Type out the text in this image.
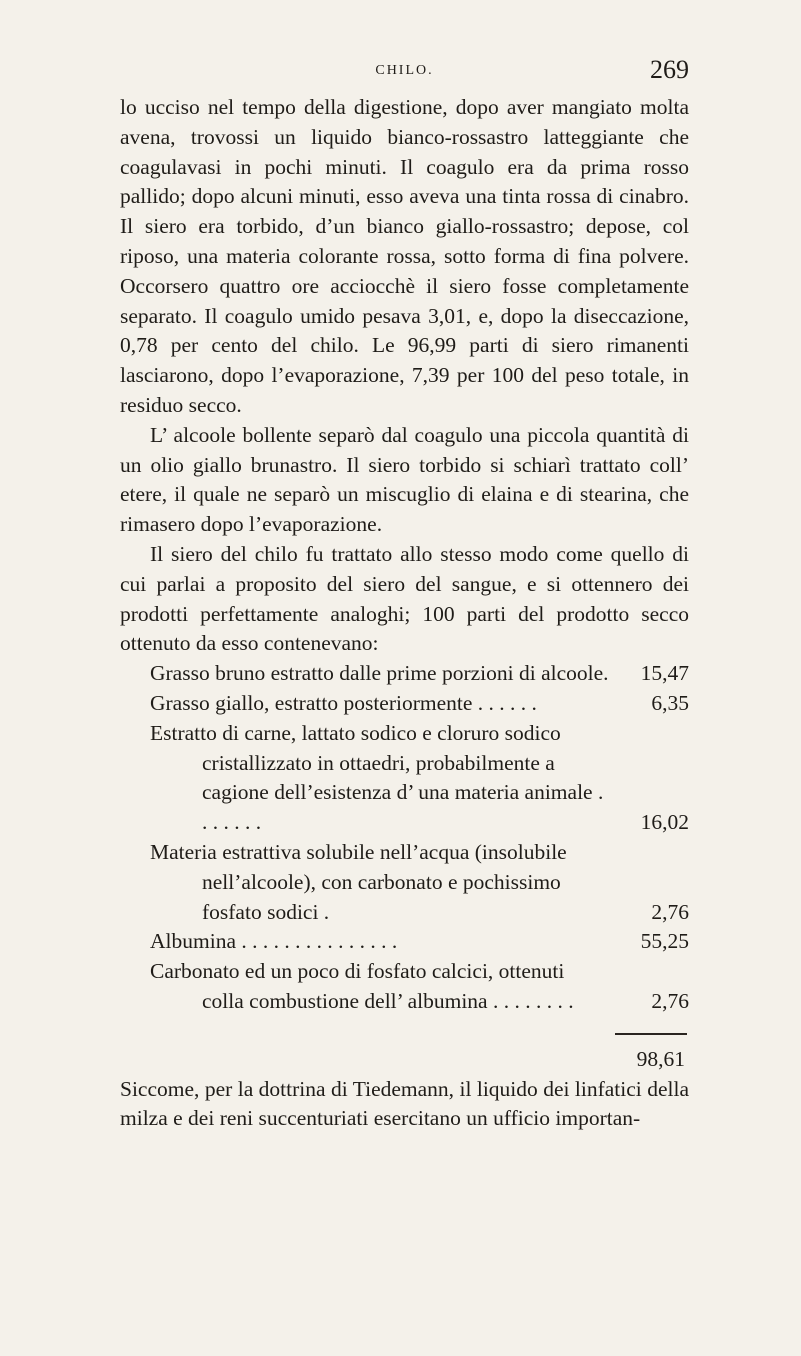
CHILO.	269

lo ucciso nel tempo della digestione, dopo aver mangiato molta avena, trovossi un liquido bianco-rossastro latteggiante che coagulavasi in pochi minuti. Il coagulo era da prima rosso pallido; dopo alcuni minuti, esso aveva una tinta rossa di cinabro. Il siero era torbido, d’un bianco giallo-rossastro; depose, col riposo, una materia colorante rossa, sotto forma di fina polvere. Occorsero quattro ore acciocchè il siero fosse completamente separato. Il coagulo umido pesava 3,01, e, dopo la diseccazione, 0,78 per cento del chilo. Le 96,99 parti di siero rimanenti lasciarono, dopo l’evaporazione, 7,39 per 100 del peso totale, in residuo secco.

L’ alcoole bollente separò dal coagulo una piccola quantità di un olio giallo brunastro. Il siero torbido si schiarì trattato coll’ etere, il quale ne separò un miscuglio di elaina e di stearina, che rimasero dopo l’evaporazione.

Il siero del chilo fu trattato allo stesso modo come quello di cui parlai a proposito del siero del sangue, e si ottennero dei prodotti perfettamente analoghi; 100 parti del prodotto secco ottenuto da esso contenevano:

Grasso bruno estratto dalle prime porzioni di alcoole.	15,47
Grasso giallo, estratto posteriormente . . . . . .	6,35
Estratto di carne, lattato sodico e cloruro sodico cristallizzato in ottaedri, probabilmente a cagione dell’esistenza d’ una materia animale . . . . . . .	16,02
Materia estrattiva solubile nell’acqua (insolubile nell’alcoole), con carbonato e pochissimo fosfato sodici .	2,76
Albumina . . . . . . . . . . . . . . .	55,25
Carbonato ed un poco di fosfato calcici, ottenuti colla combustione dell’ albumina . . . . . . . .	2,76
98,61

Siccome, per la dottrina di Tiedemann, il liquido dei linfatici della milza e dei reni succenturiati esercitano un ufficio importan-
